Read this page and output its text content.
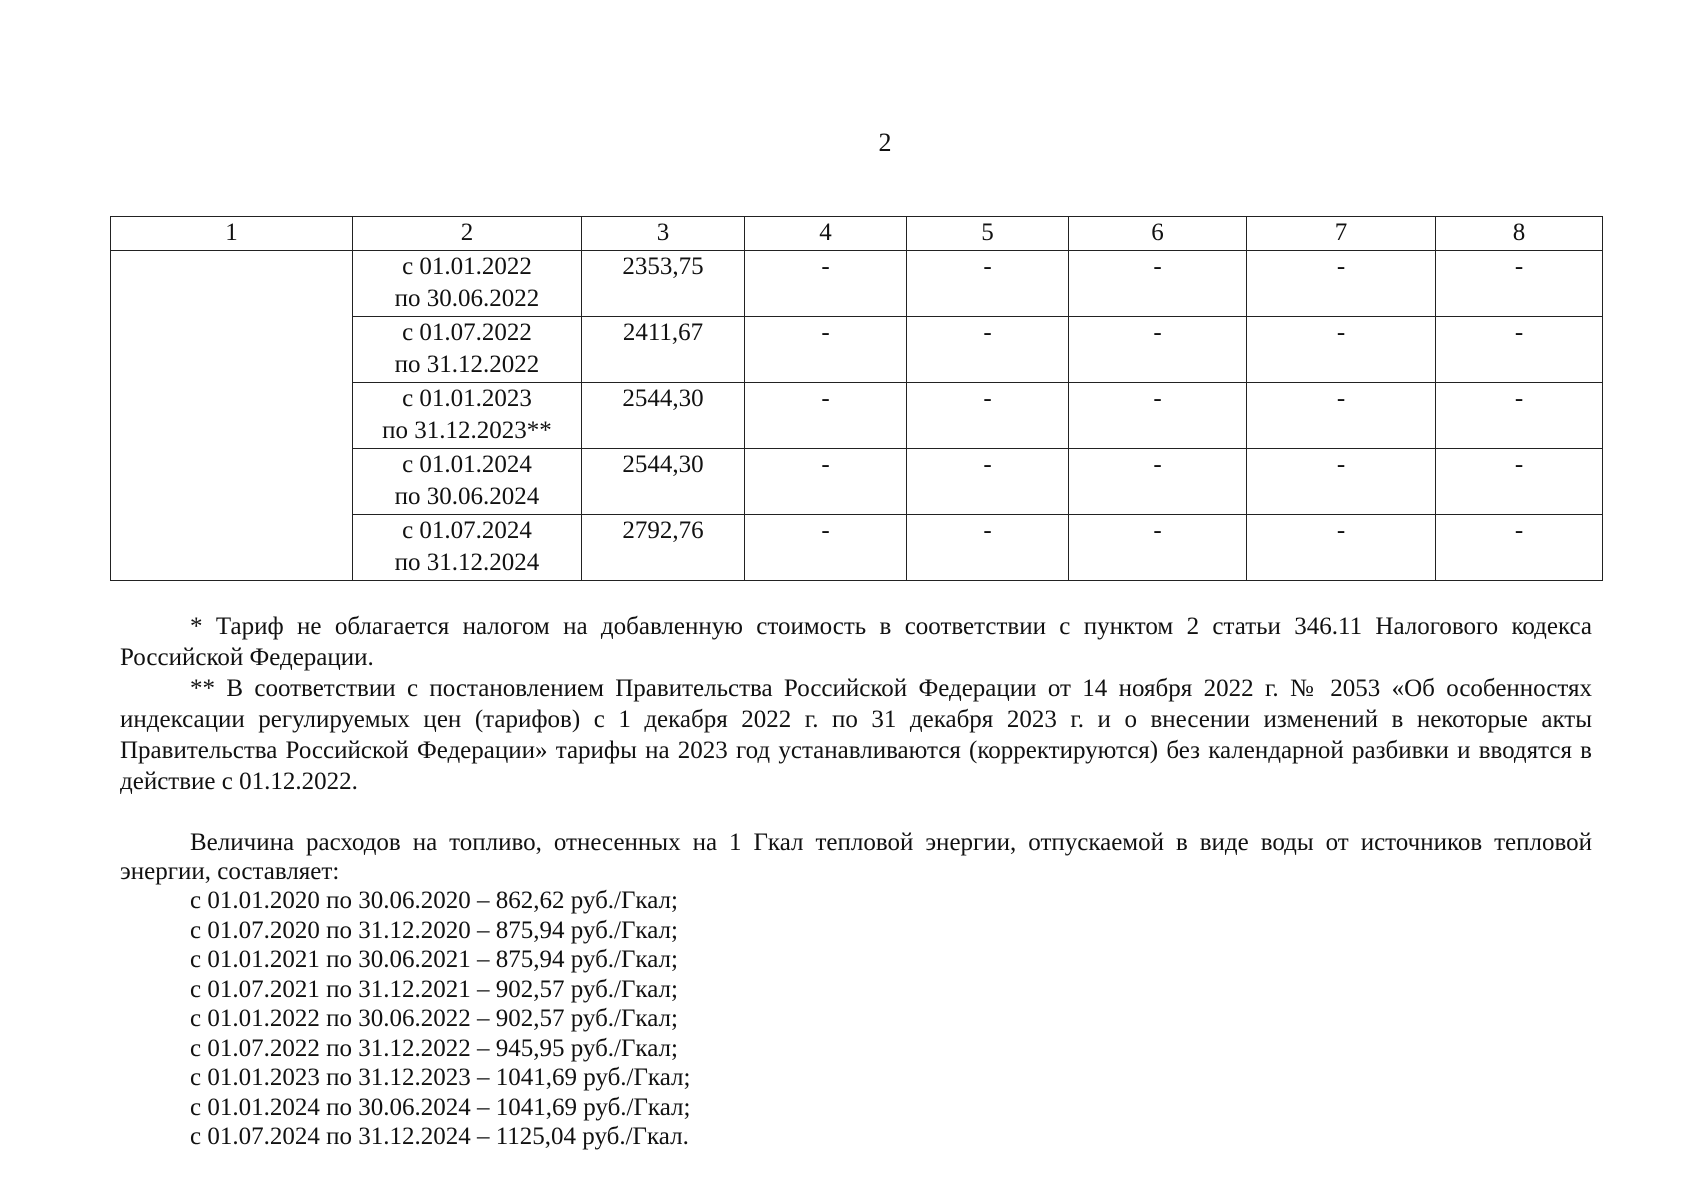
2
1	2	3	4	5	6	7	8

	с 01.01.2022
по 30.06.2022	2353,75	-	-	-	-	-

	с 01.07.2022
по 31.12.2022	2411,67	-	-	-	-	-

	с 01.01.2023
по 31.12.2023**	2544,30	-	-	-	-	-

	с 01.01.2024
по 30.06.2024	2544,30	-	-	-	-	-

	с 01.07.2024
по 31.12.2024	2792,76	-	-	-	-	-

* Тариф не облагается налогом на добавленную стоимость в соответствии с пунктом 2 статьи 346.11 Налогового кодекса Российской Федерации.

** В соответствии с постановлением Правительства Российской Федерации от 14 ноября 2022 г. № 2053 «Об особенностях индексации регулируемых цен (тарифов) с 1 декабря 2022 г. по 31 декабря 2023 г. и о внесении изменений в некоторые акты Правительства Российской Федерации» тарифы на 2023 год устанавливаются (корректируются) без календарной разбивки и вводятся в действие с 01.12.2022.

Величина расходов на топливо, отнесенных на 1 Гкал тепловой энергии, отпускаемой в виде воды от источников тепловой энергии, составляет:

с 01.01.2020 по 30.06.2020 – 862,62 руб./Гкал;
с 01.07.2020 по 31.12.2020 – 875,94 руб./Гкал;
с 01.01.2021 по 30.06.2021 – 875,94 руб./Гкал;
с 01.07.2021 по 31.12.2021 – 902,57 руб./Гкал;
с 01.01.2022 по 30.06.2022 – 902,57 руб./Гкал;
с 01.07.2022 по 31.12.2022 – 945,95 руб./Гкал;
с 01.01.2023 по 31.12.2023 – 1041,69 руб./Гкал;
с 01.01.2024 по 30.06.2024 – 1041,69 руб./Гкал;
с 01.07.2024 по 31.12.2024 – 1125,04 руб./Гкал.
